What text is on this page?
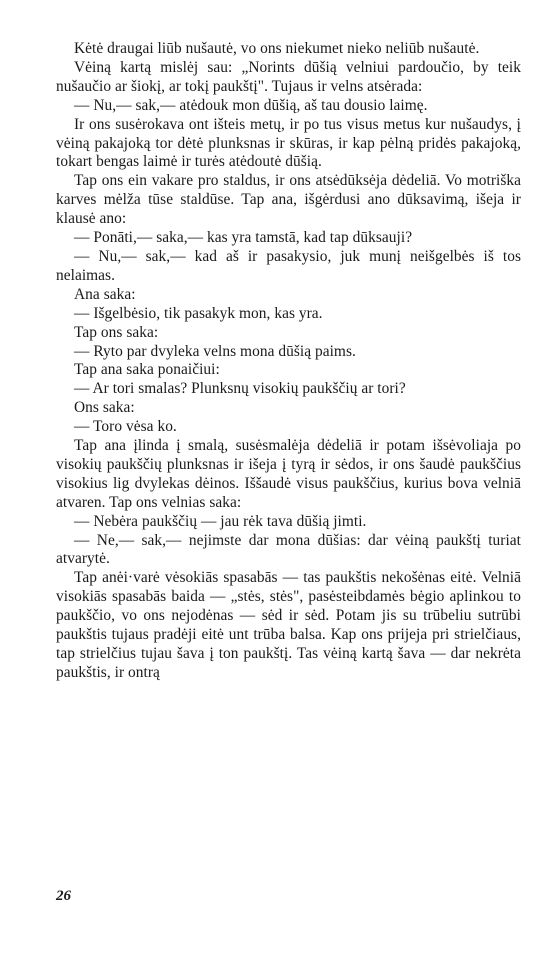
Kėtė draugai liūb nušautė, vo ons niekumet nieko neliūb nušautė.

Vėiną kartą mislėj sau: „Norints dūšią velniui pardoučio, by teik nušaučio ar šiokį, ar tokį paukštį". Tujaus ir velns atsėrada:

— Nu,— sak,— atėdouk mon dūšią, aš tau dousio laimę.

Ir ons susėrokava ont išteis metų, ir po tus visus metus kur nušaudys, į vėiną pakajoką tor dėtė plunksnas ir skūras, ir kap pėlną pridės pakajoką, tokart bengas laimė ir turės atėdoutė dūšią.

Tap ons ein vakare pro staldus, ir ons atsėdūksėja dėdeliā. Vo motriška karves mėlža tūse staldūse. Tap ana, išgėrdusi ano dūksavimą, išeja ir klausė ano:

— Ponāti,— saka,— kas yra tamstā, kad tap dūksauji?

— Nu,— sak,— kad aš ir pasakysio, juk munį neišgelbės iš tos nelaimas.

Ana saka:

— Išgelbėsio, tik pasakyk mon, kas yra.

Tap ons saka:

— Ryto par dvyleka velns mona dūšią paims.

Tap ana saka ponaičiui:

— Ar tori smalas? Plunksnų visokių paukščių ar tori?

Ons saka:

— Toro vėsa ko.

Tap ana įlinda į smalą, susėsmalėja dėdeliā ir potam išsėvoliaja po visokių paukščių plunksnas ir išeja į tyrą ir sėdos, ir ons šaudė paukščius visokius lig dvylekas dėinos. Iššaudė visus paukščius, kurius bova velniā atvaren. Tap ons velnias saka:

— Nebėra paukščių — jau rėk tava dūšią jimti.

— Ne,— sak,— nejimste dar mona dūšias: dar vėiną paukštį turiat atvarytė.

Tap anėi·varė vėsokiās spasabās — tas paukštis nekošėnas eitė. Velniā visokiās spasabās baida — „stės, stės", pasėsteibdamės bėgio aplinkou to paukščio, vo ons nejodėnas — sėd ir sėd. Potam jis su trūbeliu sutrūbi paukštis tujaus pradėji eitė unt trūba balsa. Kap ons prijeja pri strielčiaus, tap strielčius tujau šava į ton paukštį. Tas vėiną kartą šava — dar nekrėta paukštis, ir ontrą

26
